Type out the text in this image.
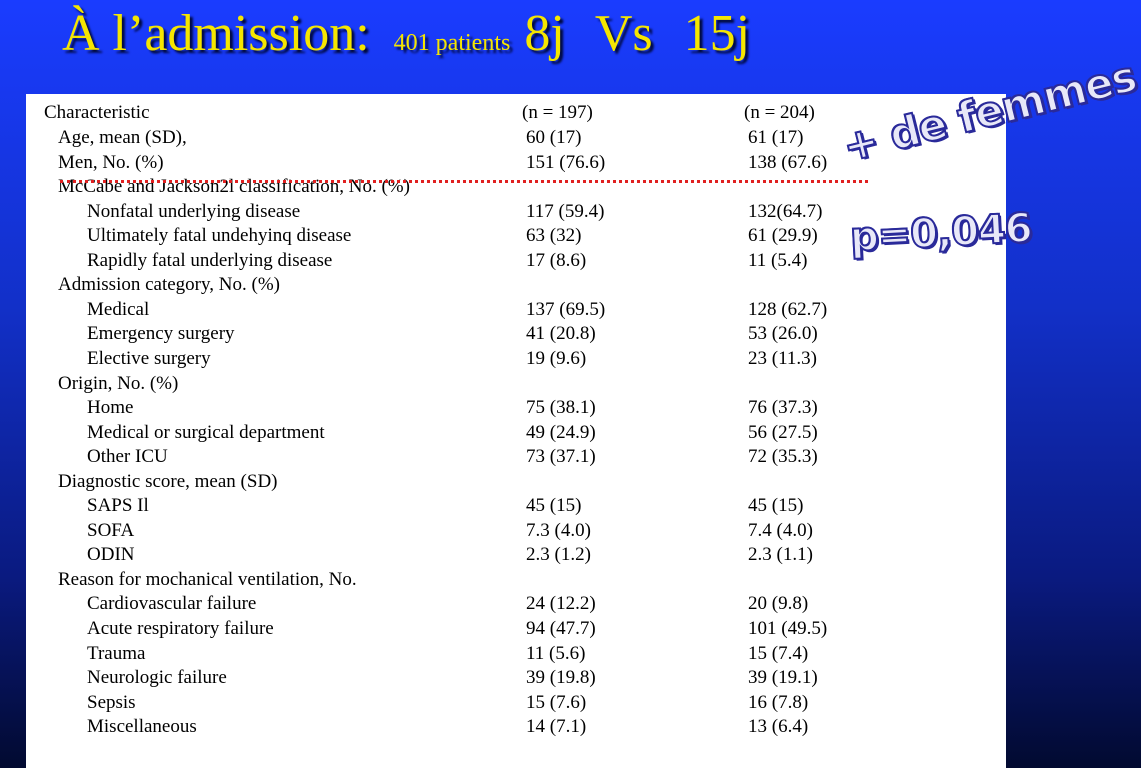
À l’admission: 401 patients 8j Vs 15j
Characteristic	(n = 197)	(n = 204)
Age, mean (SD),	60 (17)	61 (17)
Men, No. (%)	151 (76.6)	138 (67.6)
McCabe and Jackson2l classification, No. (%)
Nonfatal underlying disease	117 (59.4)	132(64.7)
Ultimately fatal undehyinq disease	63 (32)	61 (29.9)
Rapidly fatal underlying disease	17 (8.6)	11 (5.4)
Admission category, No. (%)
Medical	137 (69.5)	128 (62.7)
Emergency surgery	41 (20.8)	53 (26.0)
Elective surgery	19 (9.6)	23 (11.3)
Origin, No. (%)
Home	75 (38.1)	76 (37.3)
Medical or surgical department	49 (24.9)	56 (27.5)
Other ICU	73 (37.1)	72 (35.3)
Diagnostic score, mean (SD)
SAPS Il	45 (15)	45 (15)
SOFA	7.3 (4.0)	7.4 (4.0)
ODIN	2.3 (1.2)	2.3 (1.1)
Reason for mochanical ventilation, No.
Cardiovascular failure	24 (12.2)	20 (9.8)
Acute respiratory failure	94 (47.7)	101 (49.5)
Trauma	11 (5.6)	15 (7.4)
Neurologic failure	39 (19.8)	39 (19.1)
Sepsis	15 (7.6)	16 (7.8)
Miscellaneous	14 (7.1)	13 (6.4)
+ de femmes
p=0,046
